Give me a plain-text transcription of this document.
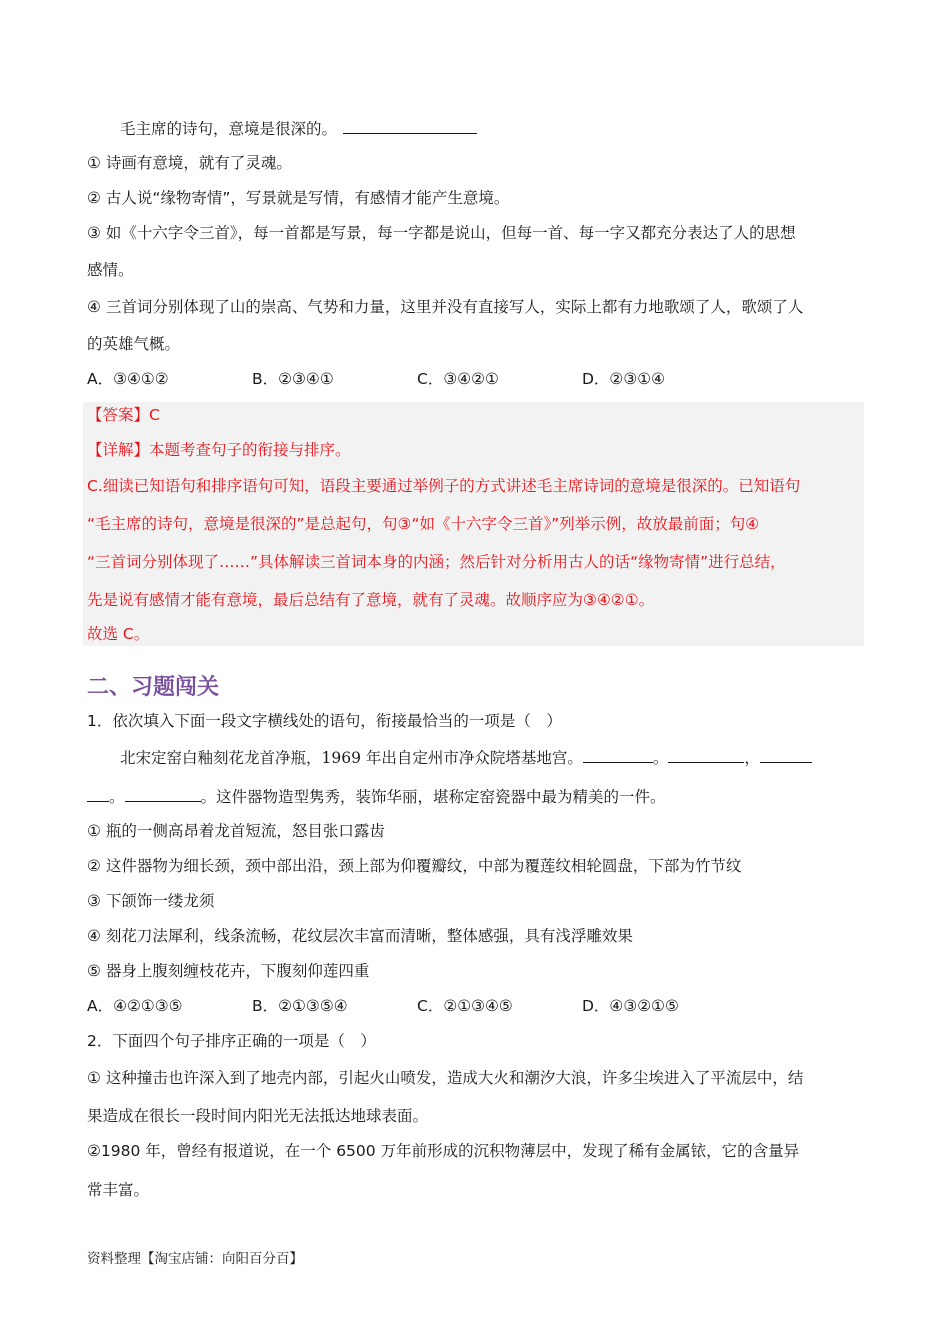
毛主席的诗句，意境是很深的。
① 诗画有意境，就有了灵魂。
② 古人说“缘物寄情”，写景就是写情，有感情才能产生意境。
③ 如《十六字令三首》，每一首都是写景，每一字都是说山，但每一首、每一字又都充分表达了人的思想
感情。
④ 三首词分别体现了山的崇高、气势和力量，这里并没有直接写人，实际上都有力地歌颂了人，歌颂了人
的英雄气概。
A．③④①②	B．②③④①	C．③④②①	D．②③①④
【答案】C
【详解】本题考查句子的衔接与排序。
C.细读已知语句和排序语句可知，语段主要通过举例子的方式讲述毛主席诗词的意境是很深的。已知语句
“毛主席的诗句，意境是很深的”是总起句，句③“如《十六字令三首》”列举示例，故放最前面；句④
“三首词分别体现了……”具体解读三首词本身的内涵；然后针对分析用古人的话“缘物寄情”进行总结，
先是说有感情才能有意境，最后总结有了意境，就有了灵魂。故顺序应为③④②①。
故选 C。
二、习题闯关
1．依次填入下面一段文字横线处的语句，衔接最恰当的一项是（　）
北宋定窑白釉刻花龙首净瓶，1969 年出自定州市净众院塔基地宫。	。	，
。	。这件器物造型隽秀，装饰华丽，堪称定窑瓷器中最为精美的一件。
① 瓶的一侧高昂着龙首短流，怒目张口露齿
② 这件器物为细长颈，颈中部出沿，颈上部为仰覆瓣纹，中部为覆莲纹相轮圆盘，下部为竹节纹
③ 下颌饰一缕龙须
④ 刻花刀法犀利，线条流畅，花纹层次丰富而清晰，整体感强，具有浅浮雕效果
⑤ 器身上腹刻缠枝花卉，下腹刻仰莲四重
A．④②①③⑤	B．②①③⑤④	C．②①③④⑤	D．④③②①⑤
2．下面四个句子排序正确的一项是（　）
① 这种撞击也许深入到了地壳内部，引起火山喷发，造成大火和潮汐大浪，许多尘埃进入了平流层中，结
果造成在很长一段时间内阳光无法抵达地球表面。
②1980 年，曾经有报道说，在一个 6500 万年前形成的沉积物薄层中，发现了稀有金属铱，它的含量异
常丰富。
资料整理【淘宝店铺：向阳百分百】
